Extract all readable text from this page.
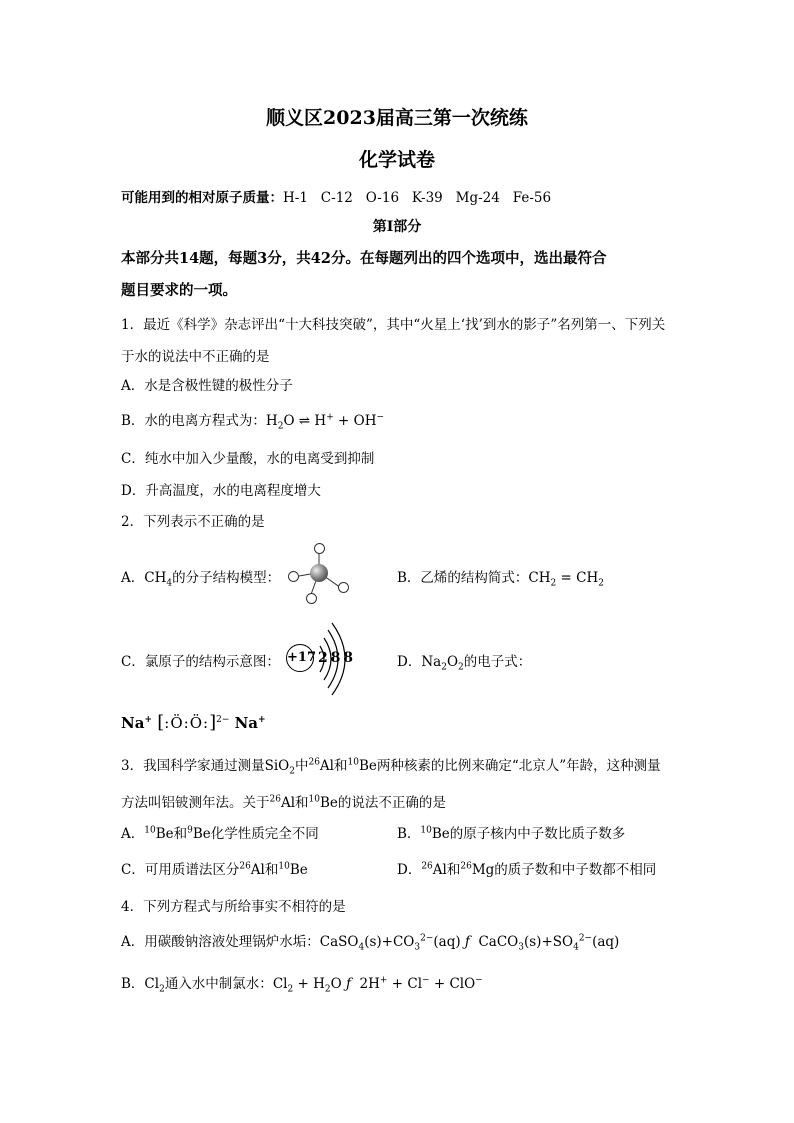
顺义区2023届高三第一次统练
化学试卷
可能用到的相对原子质量：H-1   C-12   O-16   K-39   Mg-24   Fe-56
第I部分
本部分共14题，每题3分，共42分。在每题列出的四个选项中，选出最符合
题目要求的一项。
1．最近《科学》杂志评出“十大科技突破”，其中“火星上‘找’到水的影子”名列第一、下列关
于水的说法中不正确的是
A．水是含极性键的极性分子
B．水的电离方程式为：$H_2O$ ⇌ H+ + OH−
C．纯水中加入少量酸，水的电离受到抑制
D．升高温度，水的电离程度增大
2．下列表示不正确的是
A．$CH_4$的分子结构模型：	B．乙烯的结构简式：$CH_2 = CH_2$
C．氯原子的结构示意图： +17 2 8 8	D．$Na_2O_2$的电子式：
Na+ [:Ö:Ö:]$^{2-}$ Na+
3．我国科学家通过测量SiO$_2$中$^{26}$Al和$^{10}$Be两种核素的比例来确定“北京人”年龄，这种测量
方法叫铝铍测年法。关于$^{26}$Al和$^{10}$Be的说法不正确的是
A．$^{10}$Be和$^9$Be化学性质完全不同	B．$^{10}$Be的原子核内中子数比质子数多
C．可用质谱法区分$^{26}$Al和$^{10}$Be	D．$^{26}$Al和$^{26}$Mg的质子数和中子数都不相同
4．下列方程式与所给事实不相符的是
A．用碳酸钠溶液处理锅炉水垢：$CaSO_4(s)+CO_3^{2-}(aq)$ ƒ  $CaCO_3(s)+SO_4^{2-}(aq)$
B．$Cl_2$通入水中制氯水：$Cl_2 + H_2O$ ƒ  2H+ + Cl− + ClO−
